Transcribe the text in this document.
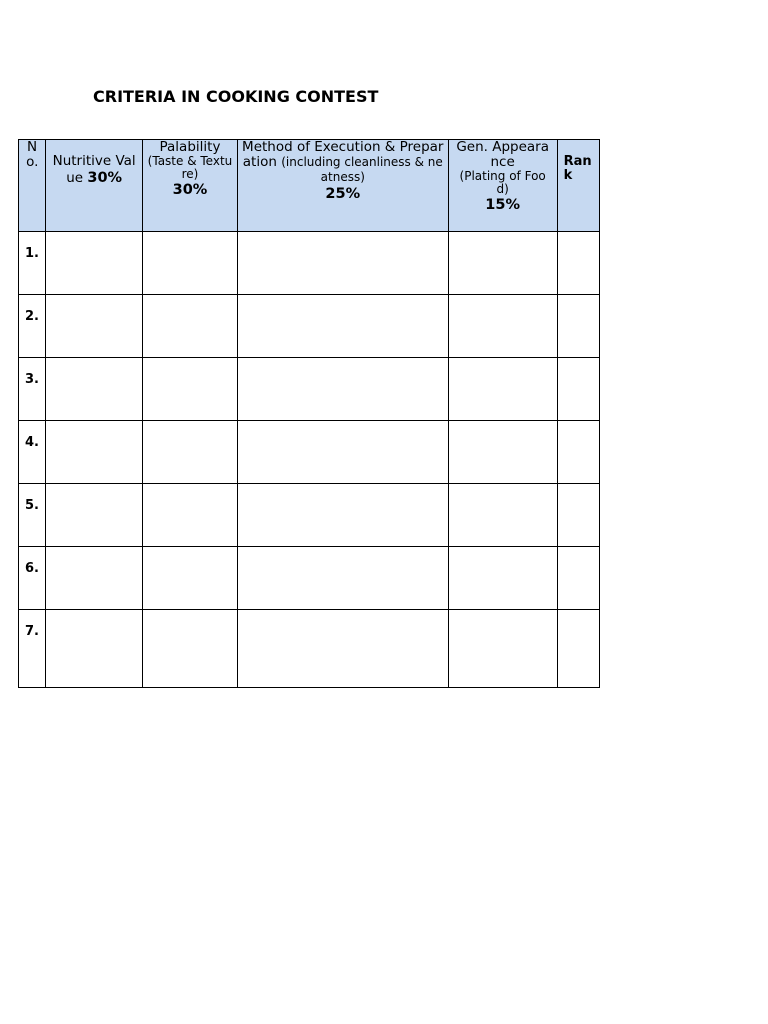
CRITERIA IN COOKING CONTEST
No.	Nutritive Value 30%	Palability
(Taste & Texture)
30%	Method of Execution & Preparation (including cleanliness & neatness)
25%	Gen. Appearance
(Plating of Food)
15%	Rank

1.					

2.					

3.					

4.					

5.					

6.					

7.					
